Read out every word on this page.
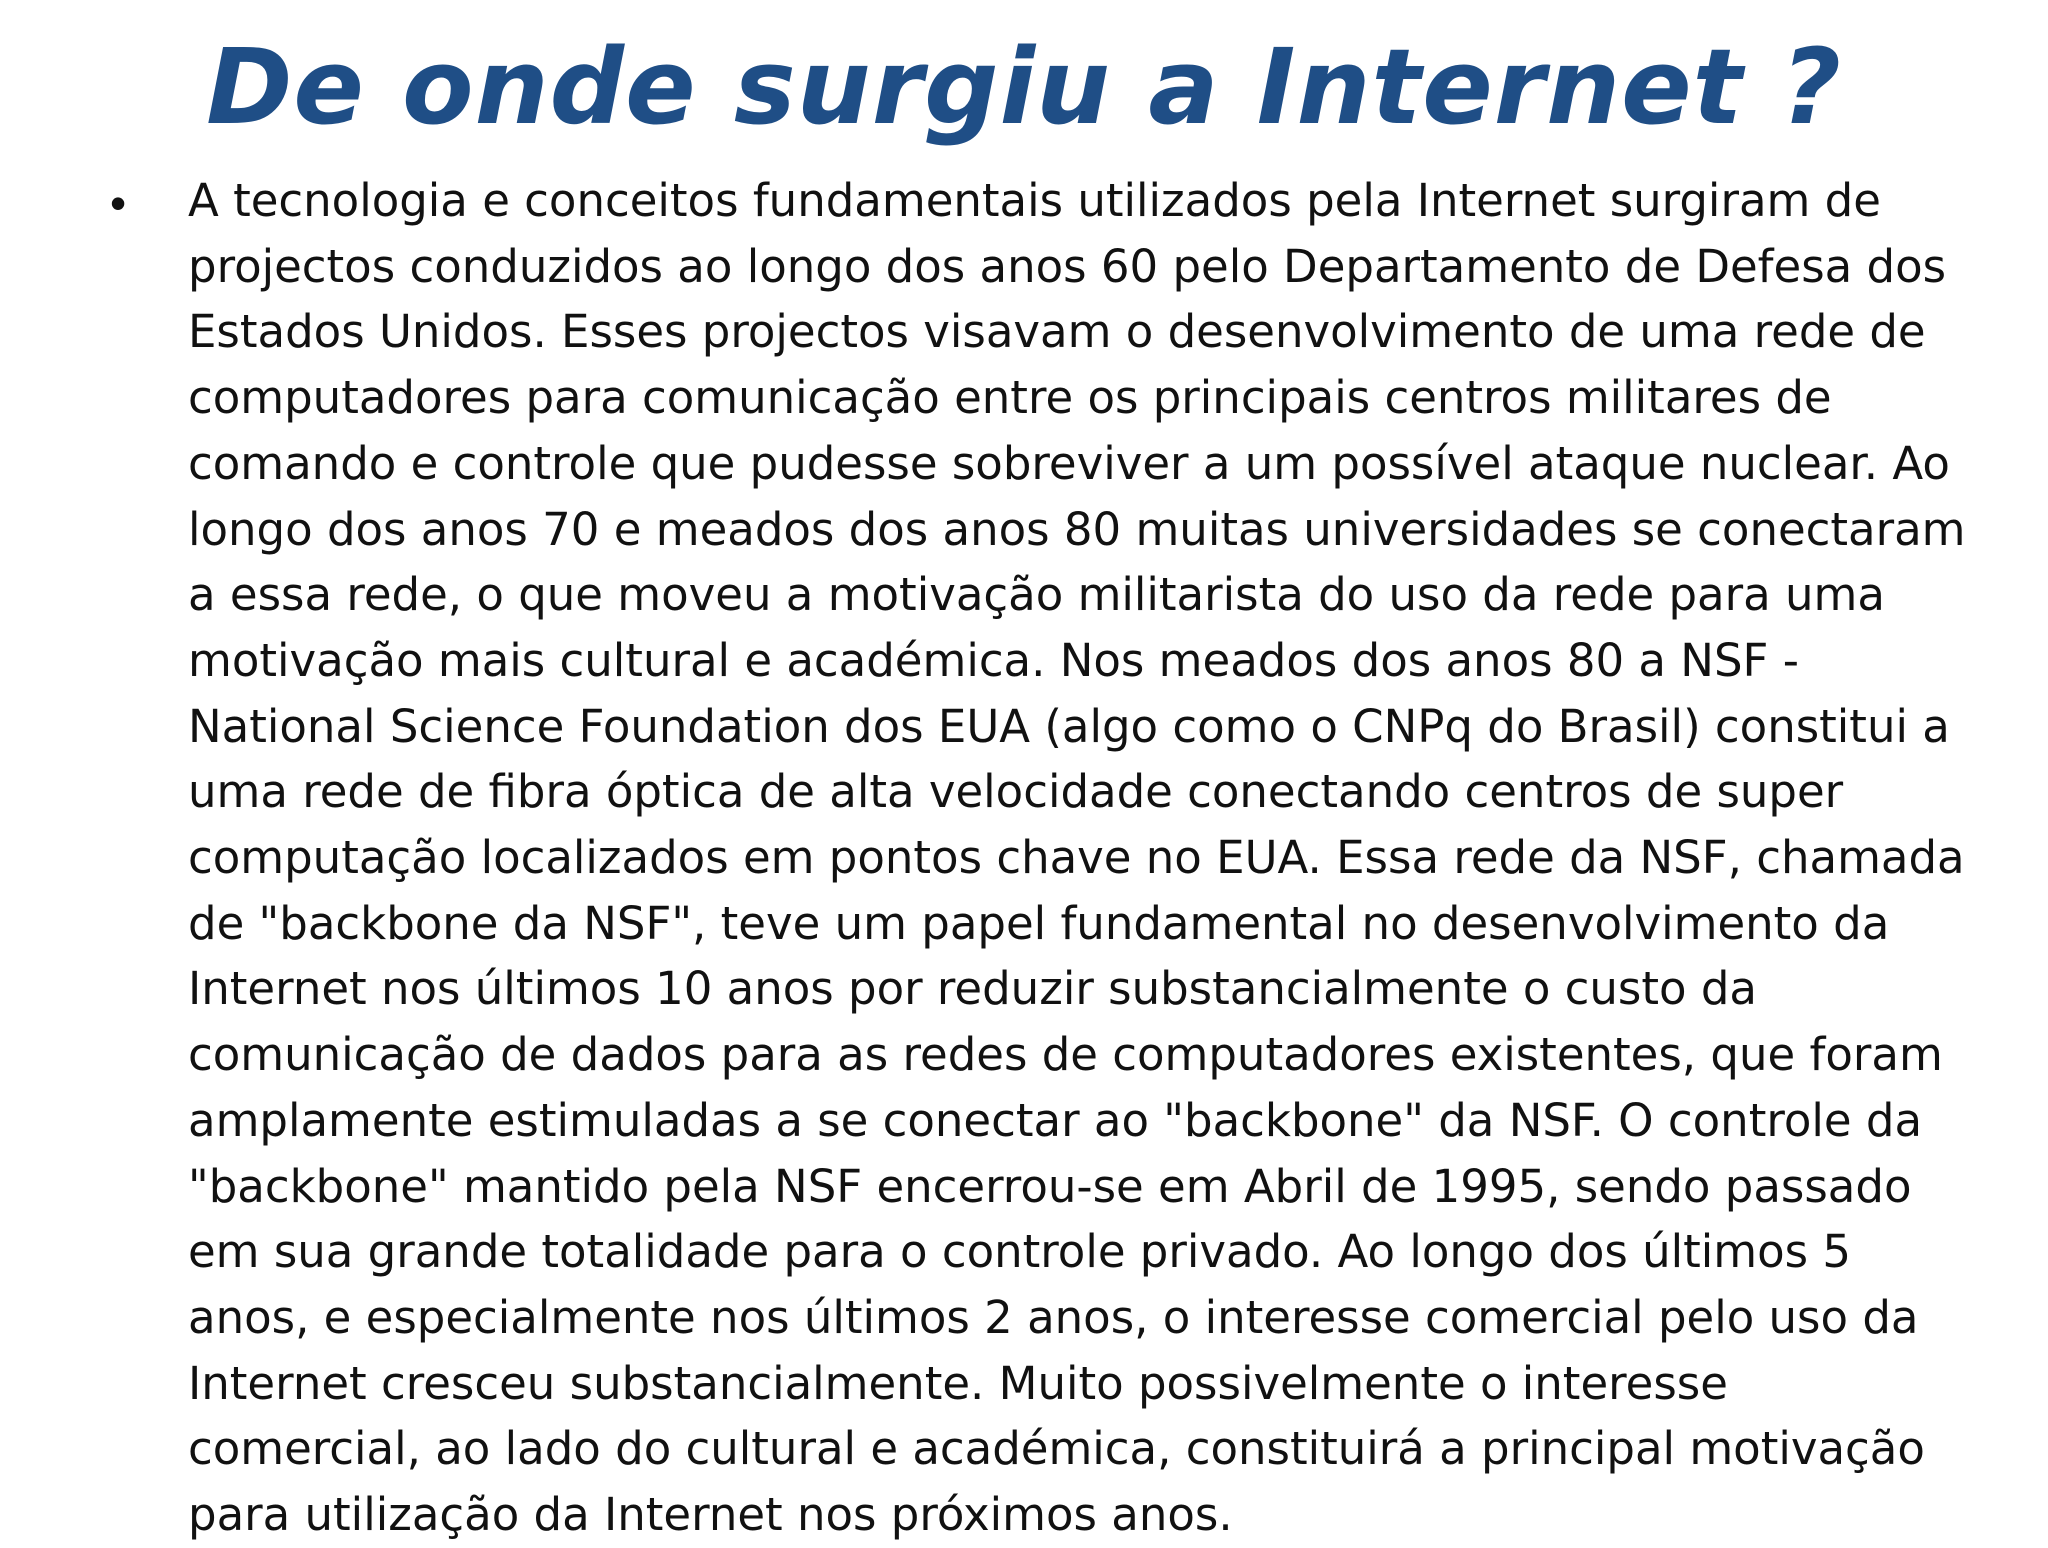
De onde surgiu a Internet ?
• A tecnologia e conceitos fundamentais utilizados pela Internet surgiram de
projectos conduzidos ao longo dos anos 60 pelo Departamento de Defesa dos
Estados Unidos. Esses projectos visavam o desenvolvimento de uma rede de
computadores para comunicação entre os principais centros militares de
comando e controle que pudesse sobreviver a um possível ataque nuclear. Ao
longo dos anos 70 e meados dos anos 80 muitas universidades se conectaram
a essa rede, o que moveu a motivação militarista do uso da rede para uma
motivação mais cultural e académica. Nos meados dos anos 80 a NSF -
National Science Foundation dos EUA (algo como o CNPq do Brasil) constitui a
uma rede de fibra óptica de alta velocidade conectando centros de super
computação localizados em pontos chave no EUA. Essa rede da NSF, chamada
de "backbone da NSF", teve um papel fundamental no desenvolvimento da
Internet nos últimos 10 anos por reduzir substancialmente o custo da
comunicação de dados para as redes de computadores existentes, que foram
amplamente estimuladas a se conectar ao "backbone" da NSF. O controle da
"backbone" mantido pela NSF encerrou-se em Abril de 1995, sendo passado
em sua grande totalidade para o controle privado. Ao longo dos últimos 5
anos, e especialmente nos últimos 2 anos, o interesse comercial pelo uso da
Internet cresceu substancialmente. Muito possivelmente o interesse
comercial, ao lado do cultural e académica, constituirá a principal motivação
para utilização da Internet nos próximos anos.
